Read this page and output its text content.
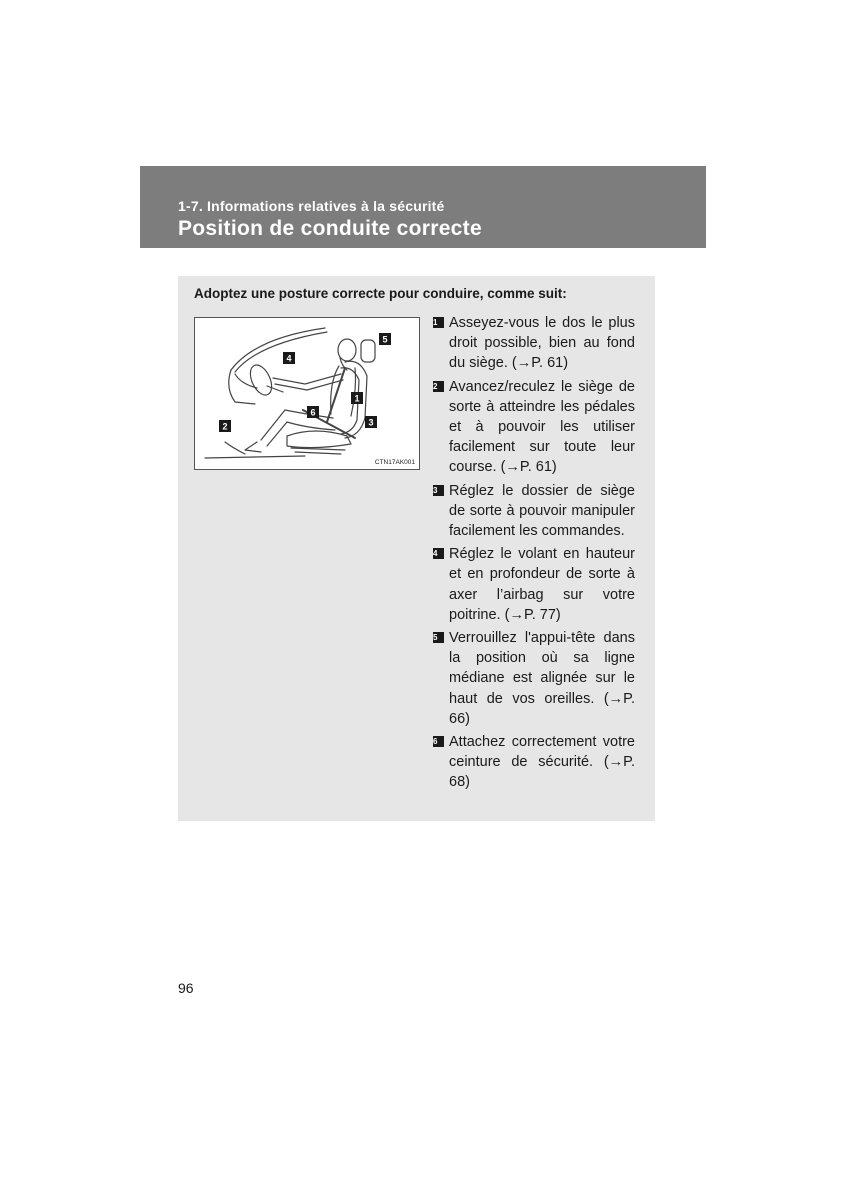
1-7. Informations relatives à la sécurité
Position de conduite correcte
Adoptez une posture correcte pour conduire, comme suit:
5
4
1
6
3
2
CTN17AK001
1 Asseyez-vous le dos le plus droit possible, bien au fond du siège. (→P. 61)
2 Avancez/reculez le siège de sorte à atteindre les pédales et à pouvoir les utiliser facilement sur toute leur course. (→P. 61)
3 Réglez le dossier de siège de sorte à pouvoir manipuler facilement les commandes.
4 Réglez le volant en hauteur et en profondeur de sorte à axer l’airbag sur votre poitrine. (→P. 77)
5 Verrouillez l'appui-tête dans la position où sa ligne médiane est alignée sur le haut de vos oreilles. (→P. 66)
6 Attachez correctement votre ceinture de sécurité. (→P. 68)
96
